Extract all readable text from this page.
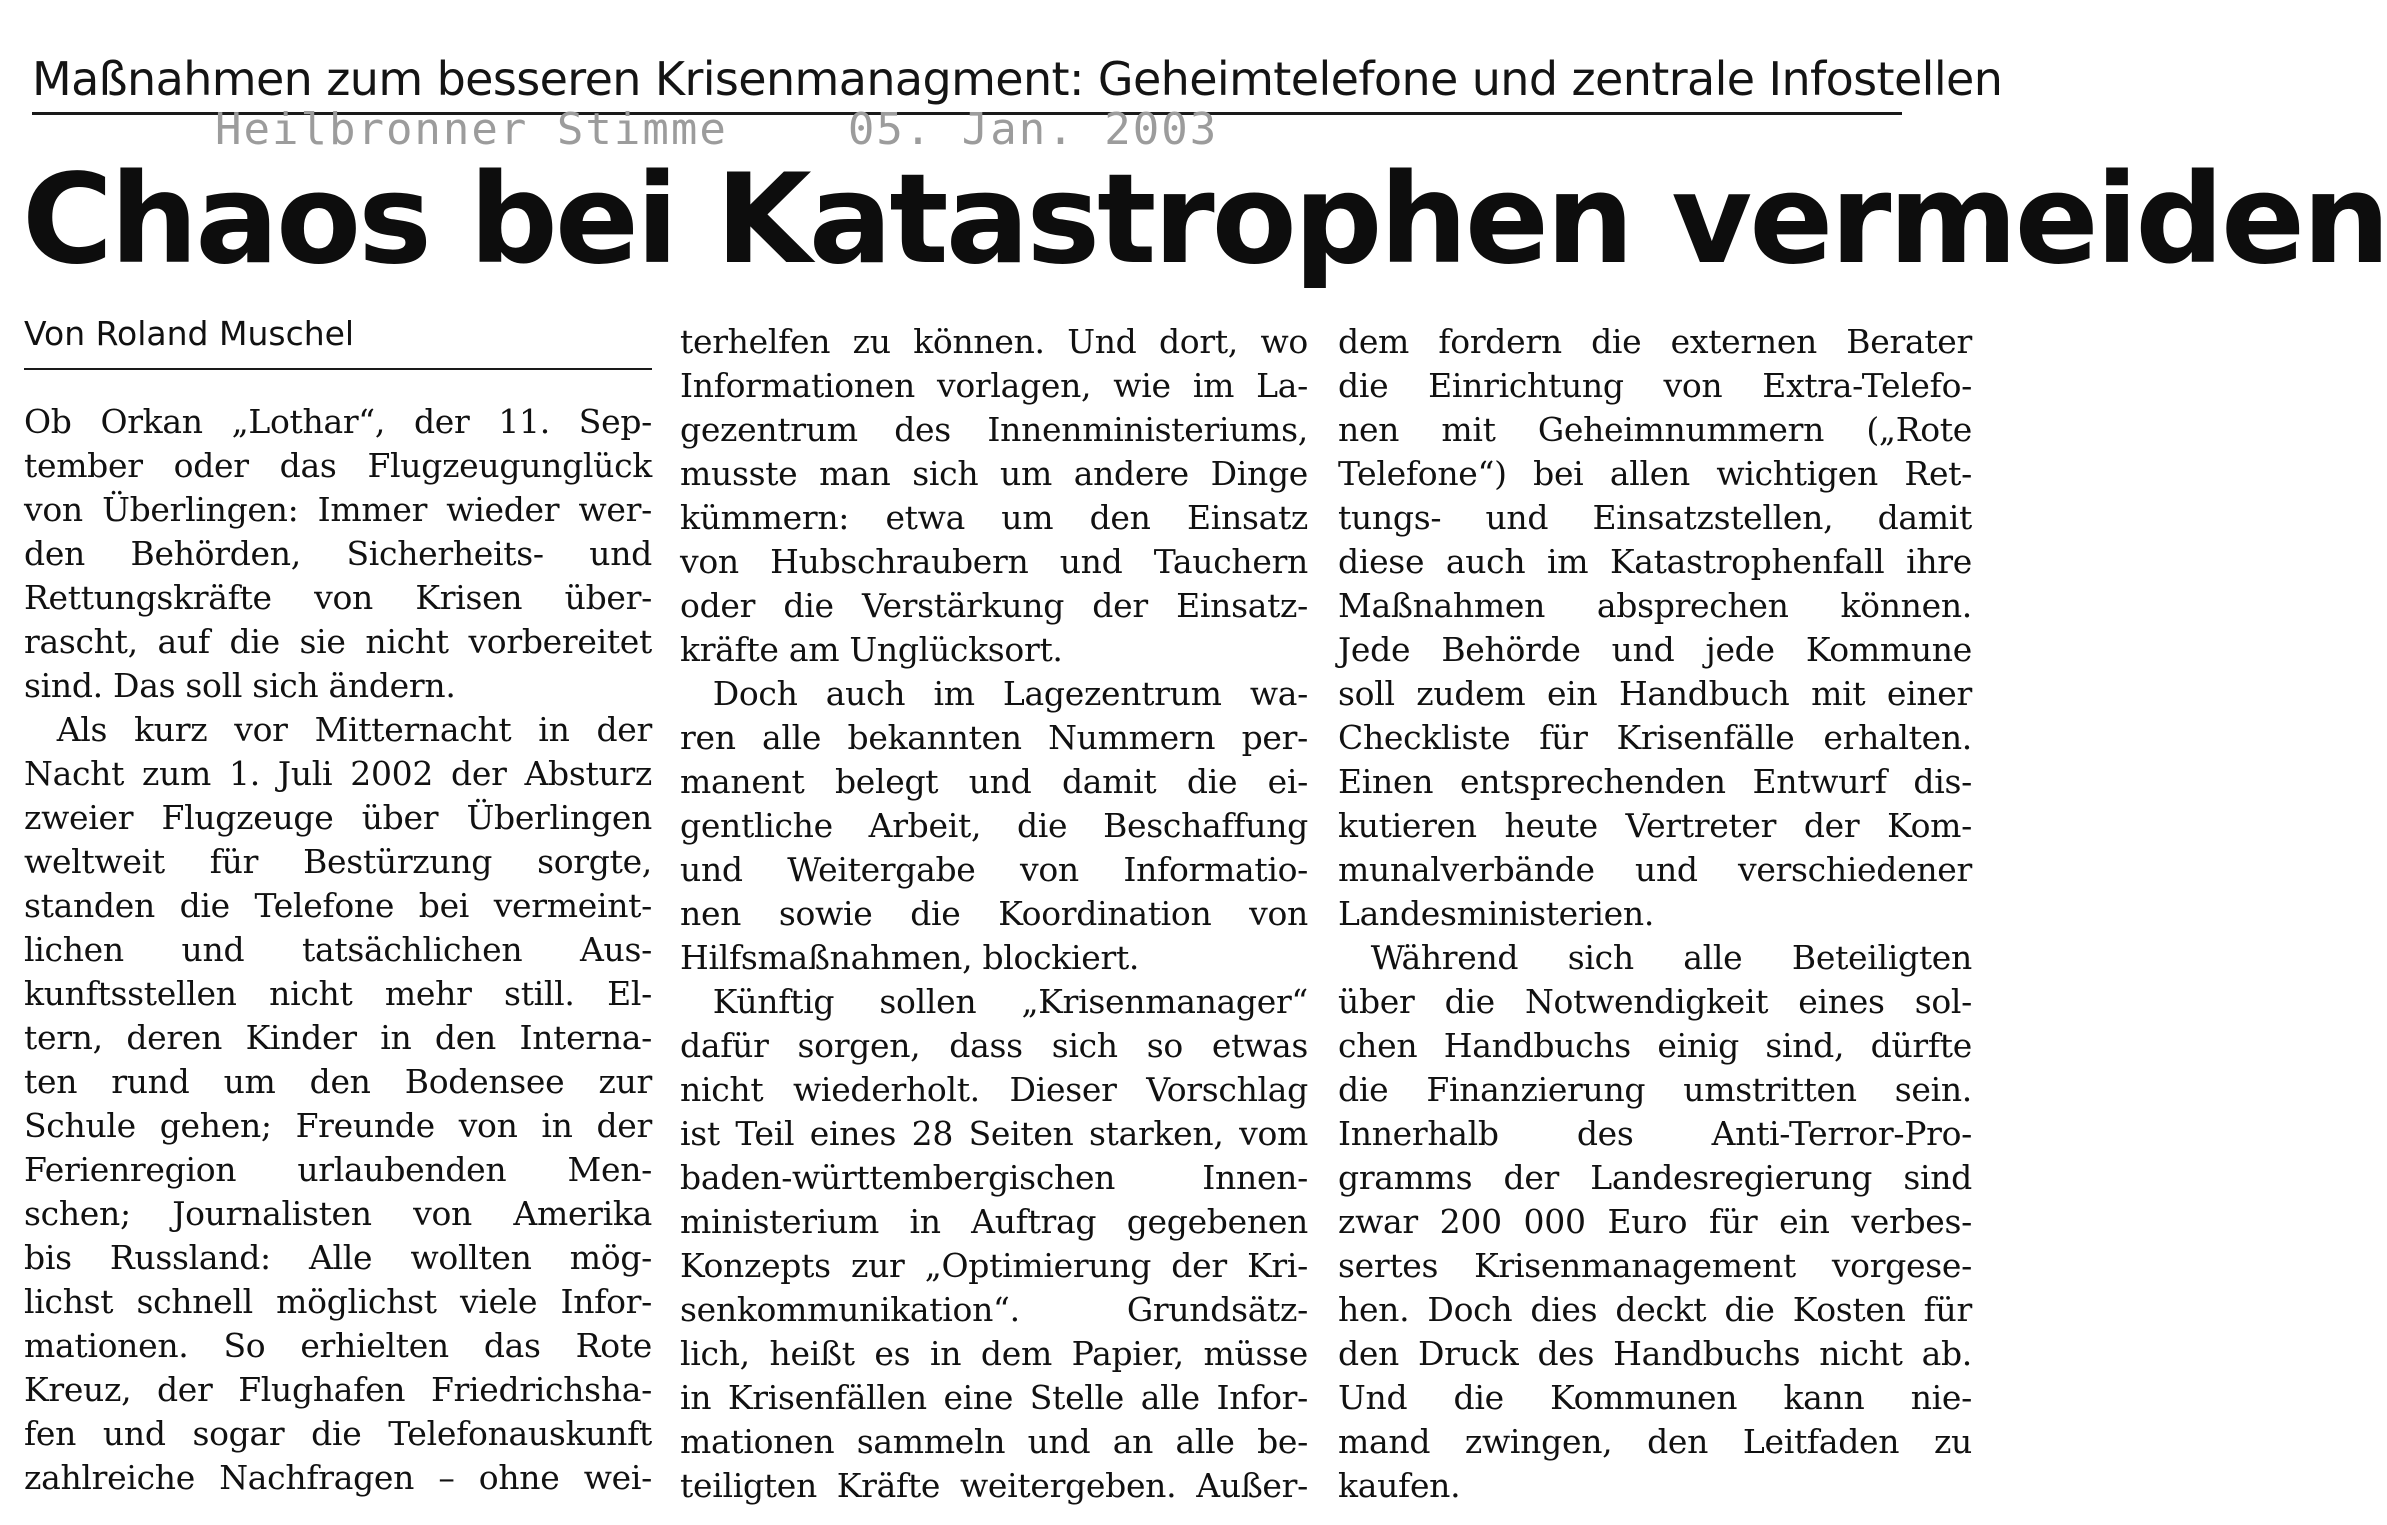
Maßnahmen zum besseren Krisenmanagment: Geheimtelefone und zentrale Infostellen
Heilbronner Stimme	05. Jan. 2003
Chaos bei Katastrophen vermeiden
Von Roland Muschel
Ob Orkan „Lothar“, der 11. Sep-
tember oder das Flugzeugunglück
von Überlingen: Immer wieder wer-
den Behörden, Sicherheits- und
Rettungskräfte von Krisen über-
rascht, auf die sie nicht vorbereitet
sind. Das soll sich ändern.
 Als kurz vor Mitternacht in der
Nacht zum 1. Juli 2002 der Absturz
zweier Flugzeuge über Überlingen
weltweit für Bestürzung sorgte,
standen die Telefone bei vermeint-
lichen und tatsächlichen Aus-
kunftsstellen nicht mehr still. El-
tern, deren Kinder in den Interna-
ten rund um den Bodensee zur
Schule gehen; Freunde von in der
Ferienregion urlaubenden Men-
schen; Journalisten von Amerika
bis Russland: Alle wollten mög-
lichst schnell möglichst viele Infor-
mationen. So erhielten das Rote
Kreuz, der Flughafen Friedrichsha-
fen und sogar die Telefonauskunft
zahlreiche Nachfragen – ohne wei-
terhelfen zu können. Und dort, wo
Informationen vorlagen, wie im La-
gezentrum des Innenministeriums,
musste man sich um andere Dinge
kümmern: etwa um den Einsatz
von Hubschraubern und Tauchern
oder die Verstärkung der Einsatz-
kräfte am Unglücksort.
 Doch auch im Lagezentrum wa-
ren alle bekannten Nummern per-
manent belegt und damit die ei-
gentliche Arbeit, die Beschaffung
und Weitergabe von Informatio-
nen sowie die Koordination von
Hilfsmaßnahmen, blockiert.
 Künftig sollen „Krisenmanager“
dafür sorgen, dass sich so etwas
nicht wiederholt. Dieser Vorschlag
ist Teil eines 28 Seiten starken, vom
baden-württembergischen Innen-
ministerium in Auftrag gegebenen
Konzepts zur „Optimierung der Kri-
senkommunikation“. Grundsätz-
lich, heißt es in dem Papier, müsse
in Krisenfällen eine Stelle alle Infor-
mationen sammeln und an alle be-
teiligten Kräfte weitergeben. Außer-
dem fordern die externen Berater
die Einrichtung von Extra-Telefo-
nen mit Geheimnummern („Rote
Telefone“) bei allen wichtigen Ret-
tungs- und Einsatzstellen, damit
diese auch im Katastrophenfall ihre
Maßnahmen absprechen können.
Jede Behörde und jede Kommune
soll zudem ein Handbuch mit einer
Checkliste für Krisenfälle erhalten.
Einen entsprechenden Entwurf dis-
kutieren heute Vertreter der Kom-
munalverbände und verschiedener
Landesministerien.
 Während sich alle Beteiligten
über die Notwendigkeit eines sol-
chen Handbuchs einig sind, dürfte
die Finanzierung umstritten sein.
Innerhalb des Anti-Terror-Pro-
gramms der Landesregierung sind
zwar 200 000 Euro für ein verbes-
sertes Krisenmanagement vorgese-
hen. Doch dies deckt die Kosten für
den Druck des Handbuchs nicht ab.
Und die Kommunen kann nie-
mand zwingen, den Leitfaden zu
kaufen.
